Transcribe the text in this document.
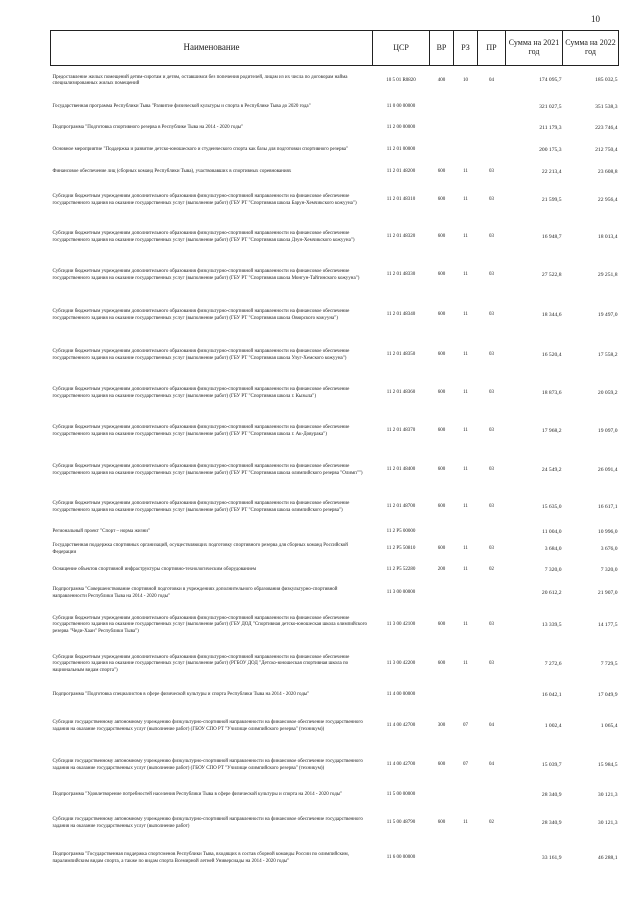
10
Наименование	ЦСР	ВР	РЗ	ПР	Сумма на 2021 год	Сумма на 2022 год
Предоставление жилых помещений детям-сиротам и детям, оставшимся без попечения родителей, лицам из их числа по договорам найма специализированных жилых помещений	10 5 01 R0820	400	10	04	174 095,7	185 032,5
Государственная программа Республики Тыва "Развитие физической культуры и спорта в Республике Тыва до 2020 года"	11 0 00 00000				321 027,5	351 538,3
Подпрограмма "Подготовка спортивного резерва в Республике Тыва на 2014 - 2020 годы"	11 2 00 00000				211 179,3	223 746,4
Основное мероприятие "Поддержка и развитие детско-юношеского и студенческого спорта как базы для подготовки спортивного резерва"	11 2 01 00000				200 175,3	212 750,4
Финансовое обеспечение лиц (сборных команд Республики Тыва), участвовавших в спортивных соревнованиях	11 2 01 48200	600	11	03	22 213,4	23 608,8
Субсидии бюджетным учреждениям дополнительного образования физкультурно-спортивной направленности на финансовое обеспечение государственного задания на оказание государственных услуг (выполнение работ) (ГБУ РТ "Спортивная школа Барун-Хемчикского кожууна")	11 2 01 48310	600	11	03	21 599,5	22 956,4
Субсидии бюджетным учреждениям дополнительного образования физкультурно-спортивной направленности на финансовое обеспечение государственного задания на оказание государственных услуг (выполнение работ) (ГБУ РТ "Спортивная школа Дзун-Хемчикского кожууна")	11 2 01 48320	600	11	03	16 948,7	18 013,4
Субсидии бюджетным учреждениям дополнительного образования физкультурно-спортивной направленности на финансовое обеспечение государственного задания на оказание государственных услуг (выполнение работ) (ГБУ РТ "Спортивная школа Монгун-Тайгинского кожууна")	11 2 01 48330	600	11	03	27 522,8	29 251,8
Субсидии бюджетным учреждениям дополнительного образования физкультурно-спортивной направленности на финансовое обеспечение государственного задания на оказание государственных услуг (выполнение работ) (ГБУ РТ "Спортивная школа Овюрского кожууна")	11 2 01 48340	600	11	03	18 344,6	19 497,0
Субсидии бюджетным учреждениям дополнительного образования физкультурно-спортивной направленности на финансовое обеспечение государственного задания на оказание государственных услуг (выполнение работ) (ГБУ РТ "Спортивная школа Улуг-Хемского кожууна")	11 2 01 48350	600	11	03	16 520,4	17 558,2
Субсидии бюджетным учреждениям дополнительного образования физкультурно-спортивной направленности на финансовое обеспечение государственного задания на оказание государственных услуг (выполнение работ) (ГБУ РТ "Спортивная школа г. Кызыла")	11 2 01 48360	600	11	03	18 873,6	20 059,2
Субсидии бюджетным учреждениям дополнительного образования физкультурно-спортивной направленности на финансовое обеспечение государственного задания на оказание государственных услуг (выполнение работ) (ГБУ РТ "Спортивная школа г. Ак-Довурака")	11 2 01 48370	600	11	03	17 968,2	19 097,0
Субсидии бюджетным учреждениям дополнительного образования физкультурно-спортивной направленности на финансовое обеспечение государственного задания на оказание государственных услуг (выполнение работ) (ГБУ РТ "Спортивная школа олимпийского резерва "Олимп"")	11 2 01 48400	600	11	03	24 549,2	26 091,4
Субсидии бюджетным учреждениям дополнительного образования физкультурно-спортивной направленности на финансовое обеспечение государственного задания на оказание государственных услуг (выполнение работ) (ГБУ РТ "Спортивная школа олимпийского резерва")	11 2 01 48700	600	11	03	15 635,0	16 617,1
Региональный проект "Спорт – норма жизни"	11 2 P5 00000				11 004,0	10 996,0
Государственная поддержка спортивных организаций, осуществляющих подготовку спортивного резерва для сборных команд Российской Федерации	11 2 P5 50810	600	11	03	3 684,0	3 676,0
Оснащение объектов спортивной инфраструктуры спортивно-технологическим оборудованием	11 2 P5 52280	200	11	02	7 320,0	7 320,0
Подпрограмма "Совершенствование спортивной подготовки в учреждениях дополнительного образования физкультурно-спортивной направленности Республики Тыва на 2014 - 2020 годы"	11 3 00 00000				20 612,2	21 907,0
Субсидии бюджетным учреждениям дополнительного образования физкультурно-спортивной направленности на финансовое обеспечение государственного задания на оказание государственных услуг (выполнение работ) (ГБУ ДОД "Спортивная детско-юношеская школа олимпийского резерва "Чеди-Хаан" Республики Тыва")	11 3 00 42100	600	11	03	13 339,5	14 177,5
Субсидии бюджетным учреждениям дополнительного образования физкультурно-спортивной направленности на финансовое обеспечение государственного задания на оказание государственных услуг (выполнение работ) (РГБОУ ДОД "Детско-юношеская спортивная школа по национальным видам спорта")	11 3 00 42200	600	11	03	7 272,6	7 729,5
Подпрограмма "Подготовка специалистов в сфере физической культуры и спорта Республики Тыва на 2014 - 2020 годы"	11 4 00 00000				16 042,1	17 049,9
Субсидии государственному автономному учреждению физкультурно-спортивной направленности на финансовое обеспечение государственного задания на оказание государственных услуг (выполнение работ) (ГБОУ СПО РТ "Училище олимпийского резерва" (техникум))	11 4 00 42700	300	07	04	1 002,4	1 065,4
Субсидии государственному автономному учреждению физкультурно-спортивной направленности на финансовое обеспечение государственного задания на оказание государственных услуг (выполнение работ) (ГБОУ СПО РТ "Училище олимпийского резерва" (техникум))	11 4 00 42700	600	07	04	15 039,7	15 984,5
Подпрограмма "Удовлетворение потребностей населения Республики Тыва в сфере физической культуры и спорта на 2014 - 2020 годы"	11 5 00 00000				28 340,9	30 121,3
Субсидии государственному автономному учреждению физкультурно-спортивной направленности на финансовое обеспечение государственного задания на оказание государственных услуг (выполнение работ)	11 5 00 48790	600	11	02	28 340,9	30 121,3
Подпрограмма "Государственная поддержка спортсменов Республики Тыва, входящих в состав сборной команды России по олимпийским, паралимпийским видам спорта, а также по видам спорта Всемирной летней Универсиады на 2014 - 2020 годы"	11 6 00 00000				33 161,9	46 288,1
